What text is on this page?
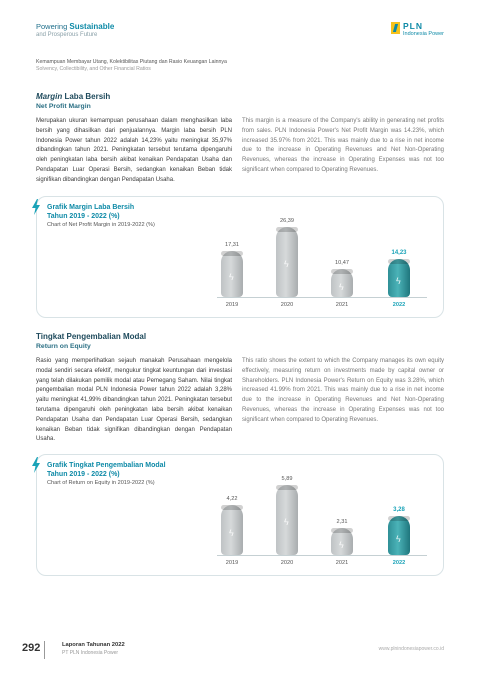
Powering Sustainable
and Prosperous Future
PLN
Indonesia Power
Kemampuan Membayar Utang, Kolektibilitas Piutang dan Rasio Keuangan Lainnya
Solvency, Collectibility, and Other Financial Ratios
Margin Laba Bersih
Net Profit Margin
Merupakan ukuran kemampuan perusahaan dalam menghasilkan laba bersih yang dihasilkan dari penjualannya. Margin laba bersih PLN Indonesia Power tahun 2022 adalah 14,23% yaitu meningkat 35,97% dibandingkan tahun 2021. Peningkatan tersebut terutama dipengaruhi oleh peningkatan laba bersih akibat kenaikan Pendapatan Usaha dan Pendapatan Luar Operasi Bersih, sedangkan kenaikan Beban tidak signifikan dibandingkan dengan Pendapatan Usaha.
This margin is a measure of the Company's ability in generating net profits from sales. PLN Indonesia Power's Net Profit Margin was 14.23%, which increased 35.97% from 2021. This was mainly due to a rise in net income due to the increase in Operating Revenues and Net Non-Operating Revenues, whereas the increase in Operating Expenses was not too significant when compared to Operating Revenues.
Grafik Margin Laba Bersih
Tahun 2019 - 2022 (%)
Chart of Net Profit Margin in 2019-2022 (%)
ϟ
17,31
2019
ϟ
26,39
2020
ϟ
10,47
2021
ϟ
14,23
2022
Tingkat Pengembalian Modal
Return on Equity
Rasio yang memperlihatkan sejauh manakah Perusahaan mengelola modal sendiri secara efektif, mengukur tingkat keuntungan dari investasi yang telah dilakukan pemilik modal atau Pemegang Saham. Nilai tingkat pengembalian modal PLN Indonesia Power tahun 2022 adalah 3,28% yaitu meningkat 41,99% dibandingkan tahun 2021. Peningkatan tersebut terutama dipengaruhi oleh peningkatan laba bersih akibat kenaikan Pendapatan Usaha dan Pendapatan Luar Operasi Bersih, sedangkan kenaikan Beban tidak signifikan dibandingkan dengan Pendapatan Usaha.
This ratio shows the extent to which the Company manages its own equity effectively, measuring return on investments made by capital owner or Shareholders. PLN Indonesia Power's Return on Equity was 3.28%, which increased 41.99% from 2021. This was mainly due to a rise in net income due to the increase in Operating Revenues and Net Non-Operating Revenues, whereas the increase in Operating Expenses was not too significant when compared to Operating Revenues.
Grafik Tingkat Pengembalian Modal
Tahun 2019 - 2022 (%)
Chart of Return on Equity in 2019-2022 (%)
ϟ
4,22
2019
ϟ
5,89
2020
ϟ
2,31
2021
ϟ
3,28
2022
292	Laporan Tahunan 2022
PT PLN Indonesia Power
www.plnindonesiapower.co.id
